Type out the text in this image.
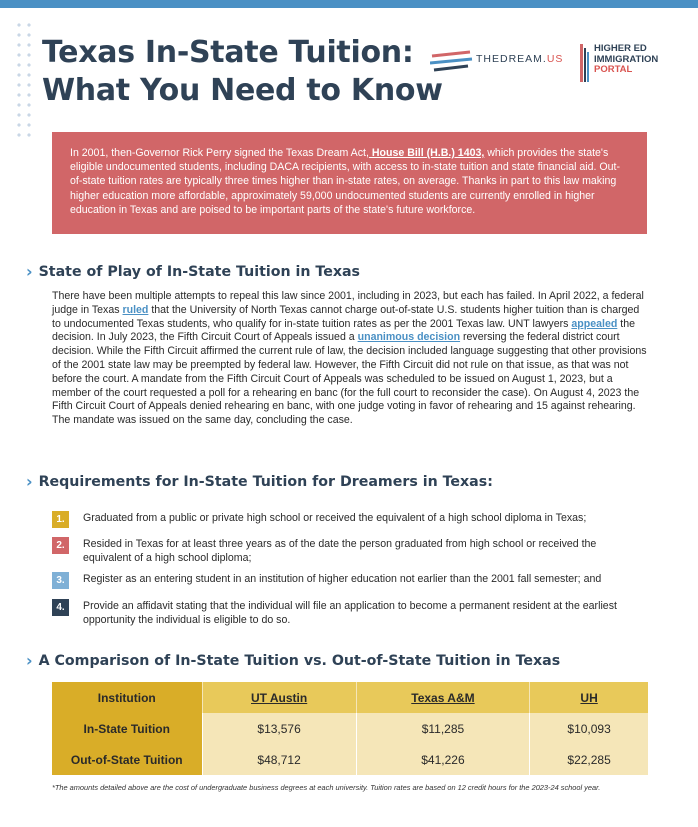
Texas In-State Tuition:
What You Need to Know
THEDREAM.US
HIGHER ED
IMMIGRATION
PORTAL
In 2001, then-Governor Rick Perry signed the Texas Dream Act, House Bill (H.B.) 1403, which provides the state's eligible undocumented students, including DACA recipients, with access to in-state tuition and state financial aid. Out-of-state tuition rates are typically three times higher than in-state rates, on average. Thanks in part to this law making higher education more affordable, approximately 59,000 undocumented students are currently enrolled in higher education in Texas and are poised to be important parts of the state's future workforce.
› State of Play of In-State Tuition in Texas
There have been multiple attempts to repeal this law since 2001, including in 2023, but each has failed. In April 2022, a federal judge in Texas ruled that the University of North Texas cannot charge out-of-state U.S. students higher tuition than is charged to undocumented Texas students, who qualify for in-state tuition rates as per the 2001 Texas law. UNT lawyers appealed the decision. In July 2023, the Fifth Circuit Court of Appeals issued a unanimous decision reversing the federal district court decision. While the Fifth Circuit affirmed the current rule of law, the decision included language suggesting that other provisions of the 2001 state law may be preempted by federal law. However, the Fifth Circuit did not rule on that issue, as that was not before the court. A mandate from the Fifth Circuit Court of Appeals was scheduled to be issued on August 1, 2023, but a member of the court requested a poll for a rehearing en banc (for the full court to reconsider the case). On August 4, 2023 the Fifth Circuit Court of Appeals denied rehearing en banc, with one judge voting in favor of rehearing and 15 against rehearing. The mandate was issued on the same day, concluding the case.
› Requirements for In-State Tuition for Dreamers in Texas:
1.	Graduated from a public or private high school or received the equivalent of a high school diploma in Texas;
2.	Resided in Texas for at least three years as of the date the person graduated from high school or received the equivalent of a high school diploma;
3.	Register as an entering student in an institution of higher education not earlier than the 2001 fall semester; and
4.	Provide an affidavit stating that the individual will file an application to become a permanent resident at the earliest opportunity the individual is eligible to do so.
› A Comparison of In-State Tuition vs. Out-of-State Tuition in Texas
Institution	UT Austin	Texas A&M	UH
In-State Tuition	$13,576	$11,285	$10,093
Out-of-State Tuition	$48,712	$41,226	$22,285
*The amounts detailed above are the cost of undergraduate business degrees at each university. Tuition rates are based on 12 credit hours for the 2023-24 school year.
